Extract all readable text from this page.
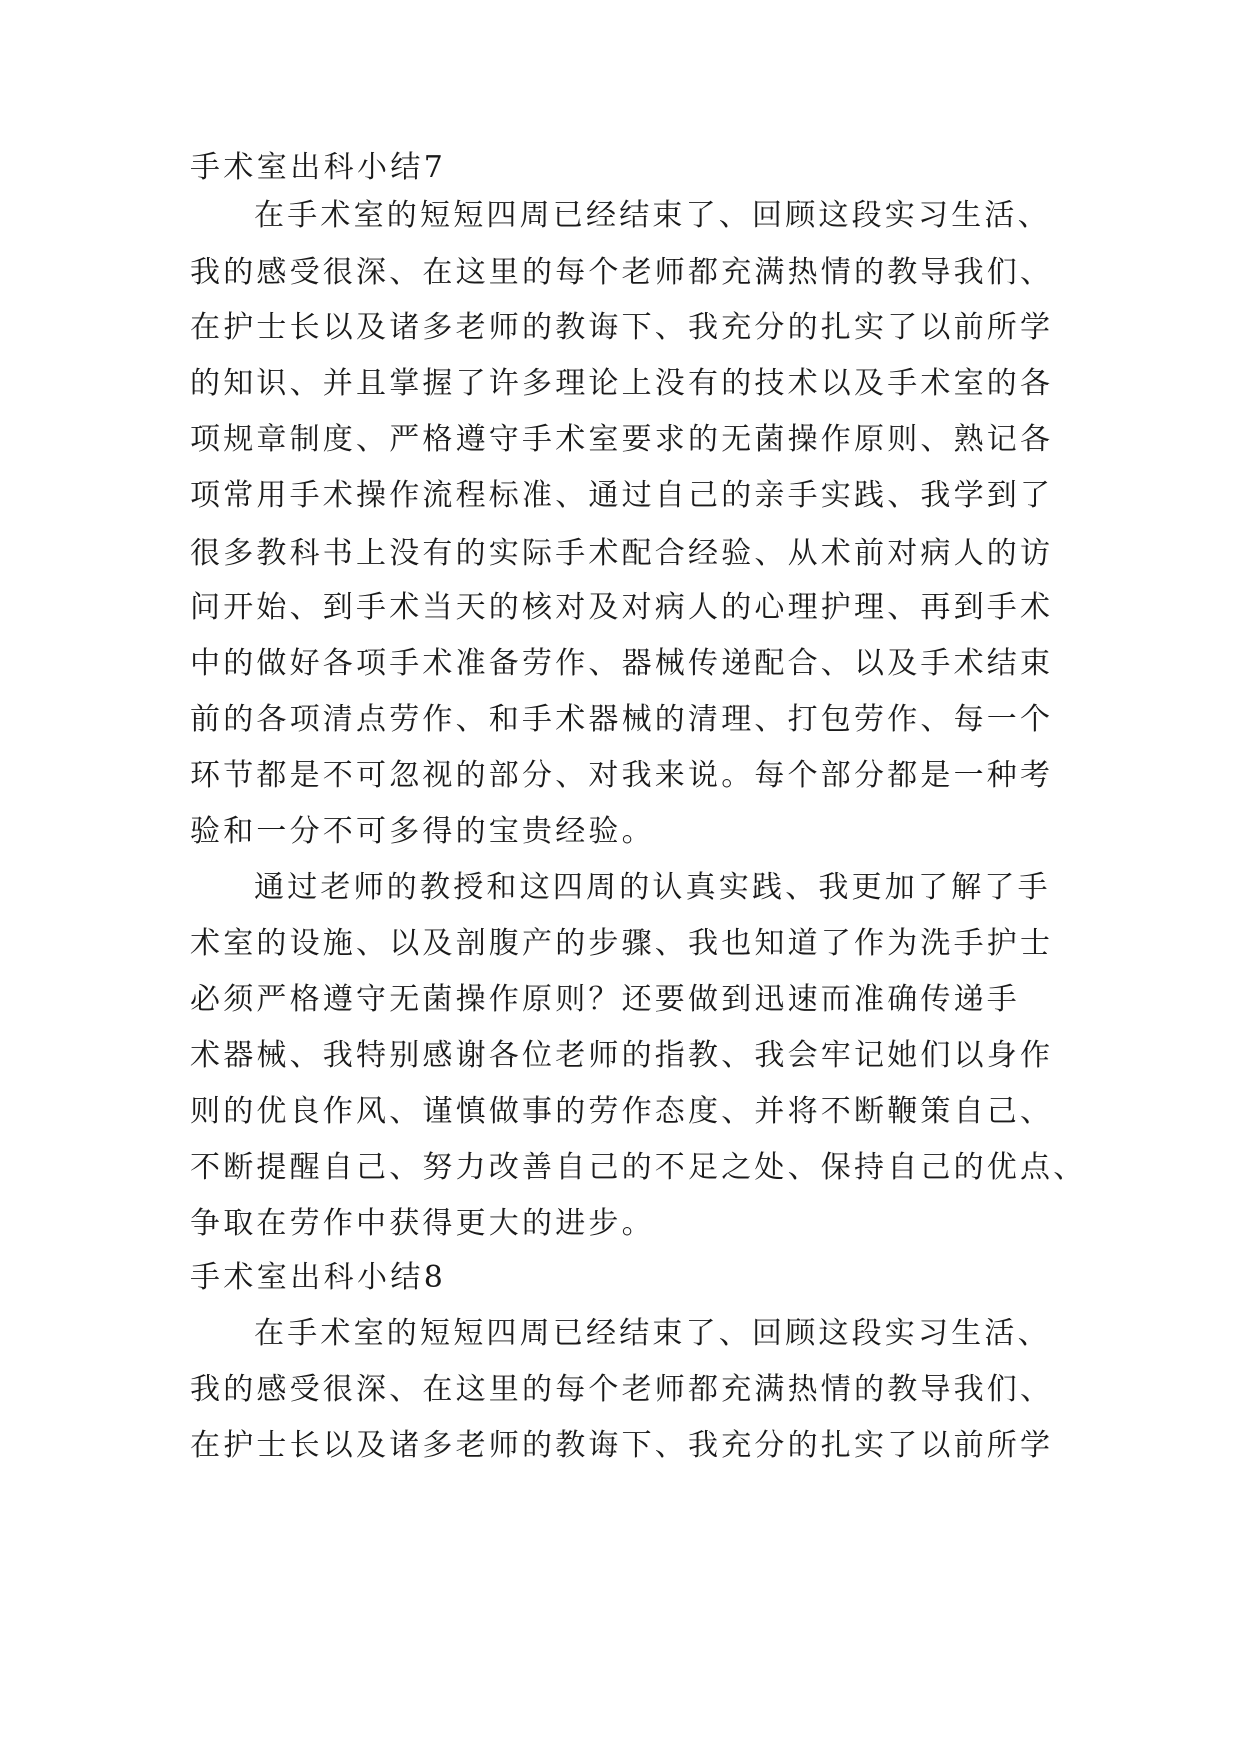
手术室出科小结7
在手术室的短短四周已经结束了、回顾这段实习生活、
我的感受很深、在这里的每个老师都充满热情的教导我们、
在护士长以及诸多老师的教诲下、我充分的扎实了以前所学
的知识、并且掌握了许多理论上没有的技术以及手术室的各
项规章制度、严格遵守手术室要求的无菌操作原则、熟记各
项常用手术操作流程标准、通过自己的亲手实践、我学到了
很多教科书上没有的实际手术配合经验、从术前对病人的访
问开始、到手术当天的核对及对病人的心理护理、再到手术
中的做好各项手术准备劳作、器械传递配合、以及手术结束
前的各项清点劳作、和手术器械的清理、打包劳作、每一个
环节都是不可忽视的部分、对我来说。每个部分都是一种考
验和一分不可多得的宝贵经验。
通过老师的教授和这四周的认真实践、我更加了解了手
术室的设施、以及剖腹产的步骤、我也知道了作为洗手护士
必须严格遵守无菌操作原则？还要做到迅速而准确传递手
术器械、我特别感谢各位老师的指教、我会牢记她们以身作
则的优良作风、谨慎做事的劳作态度、并将不断鞭策自己、
不断提醒自己、努力改善自己的不足之处、保持自己的优点、
争取在劳作中获得更大的进步。
手术室出科小结8
在手术室的短短四周已经结束了、回顾这段实习生活、
我的感受很深、在这里的每个老师都充满热情的教导我们、
在护士长以及诸多老师的教诲下、我充分的扎实了以前所学
